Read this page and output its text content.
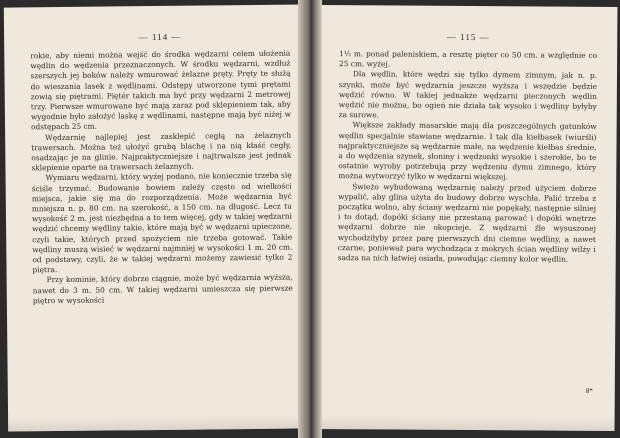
— 114 —

rokie, aby niemi można wejść do środka wędzarni celem ułożenia wędlin do wędzenia przeznaczonych. W środku wędzarni, wzdłuż szerszych jej boków należy wmurować żelazne pręty. Pręty te służą do wieszania lasek z wędlinami. Odstępy utworzone tymi prętami zowią się piętrami. Piętér takich ma być przy wędzarni 2 metrowej trzy. Pierwsze wmurowane być mają zaraz pod sklepieniem tak, aby wygodnie było założyć laskę z wędlinami, następne mają być niżej w odstępach 25 cm.

Wędzarnię najlepiej jest zasklepić cegłą na żelaznych trawersach. Można też ułożyć grubą blachę i na nią kłaść cegły, osadzając je na glinie. Najpraktyczniejsze i najtrwalsze jest jednak sklepienie oparte na trawersach żelaznych.

Wymiaru wędzarni, który wyżej podano, nie koniecznie trzeba się ściśle trzymać. Budowanie bowiem zależy często od wielkości miejsca, jakie się ma do rozporządzenia. Może wędzarnia być mniejsza n. p. 80 cm. na szerokość, a 150 cm. na długość. Lecz tu wysokość 2 m. jest niezbędna a to tem więcej, gdy w takiej wędzarni wędzić chcemy wędliny takie, które mają być w wędzarni upieczone, czyli takie, których przed spożyciem nie trzeba gotować. Takie wędliny muszą wisieć w wędzarni najmniej w wysokości 1 m. 20 cm. od podstawy, czyli, że w takiej wędzarni możemy zawiesić tylko 2 piętra.

Przy kominie, który dobrze ciągnie, może być wędzarnia wyższa, nawet do 3 m. 50 cm. W takiej wędzarni umieszcza się pierwsze piętro w wysokości

— 115 —

1½ m. ponad paleniskiem, a resztę pięter co 50 cm. a względnie co 25 cm. wyżej.

Dla wędlin, które wędzi się tylko dymem zimnym, jak n. p. szynki, może być wędzarnia jeszcze wyższa i wszędzie będzie wędzić równo. W takiej jednakże wędzarni pieczonych wędlin wędzić nie można, bo ogień nie działa tak wysoko i wędliny byłyby za surowe.

Większe zakłady masarskie mają dla poszczególnych gatunków wędlin specjalnie stawiane wędzarnie. I tak dla kiełbasek (wiurśli) najpraktyczniejsze są wędzarnie małe, na wędzenie kiełbas średnie, a do wędzenia szynek, słoniny i wędzonki wysokie i szerokie, bo te ostatnie wyroby potrzebują przy wędzeniu dymu zimnego, który można wytworzyć tylko w wędzarni większej.

Świeżo wybudowaną wędzarnię należy przed użyciem dobrze wypalić, aby glina użyta do budowy dobrze wyschła. Palić trzeba z początku wolno, aby ściany wędzarni nie popękały, następnie silniej i to dotąd, dopóki ściany nie przestaną parować i dopóki wnętrze wędzarni dobrze nie okopcieje. Z wędzarni źle wysuszonej wychodziłyby przez parę pierwszych dni ciemne wędliny, a nawet czarne, ponieważ para wychodząca z mokrych ścian wędliny wilży i sadza na nich łatwiej osiada, powodując ciemny kolor wędlin.

8*
